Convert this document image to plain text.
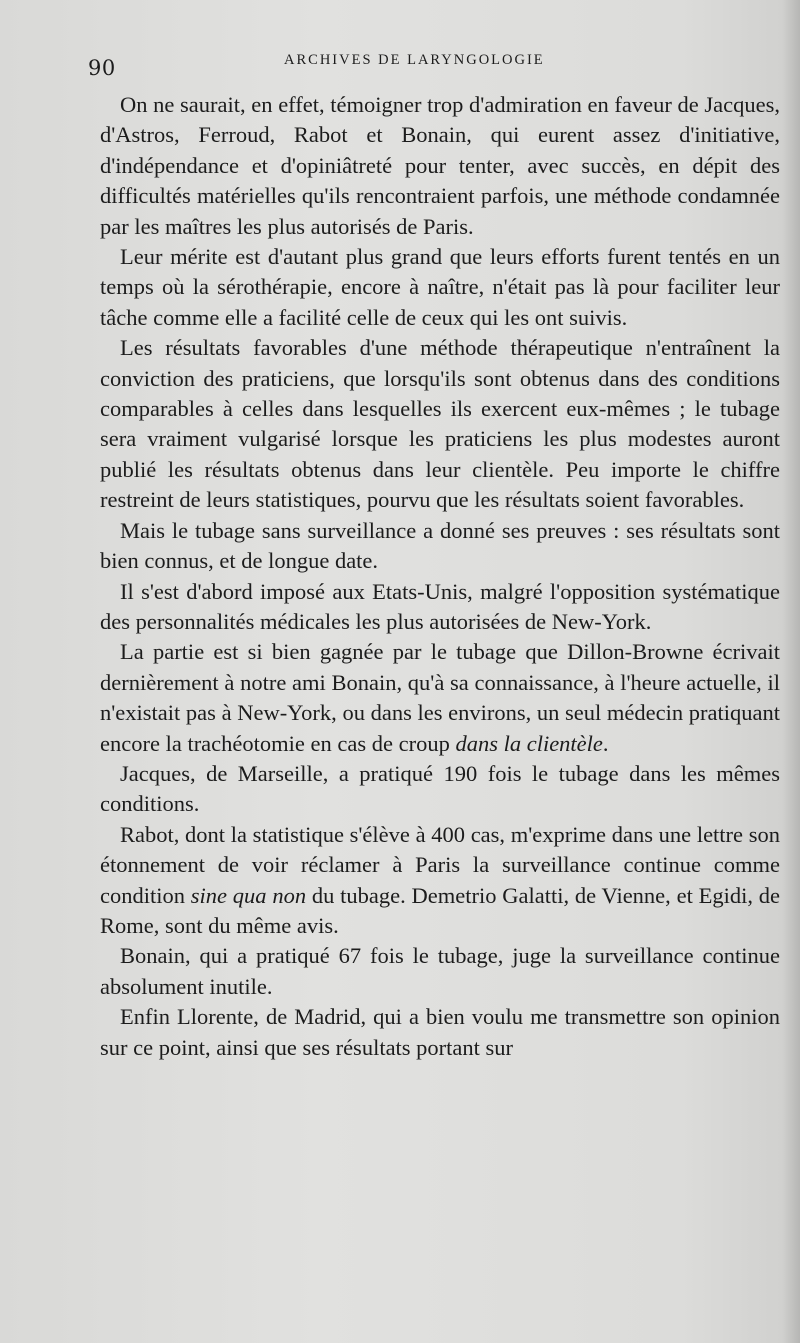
90	ARCHIVES DE LARYNGOLOGIE

On ne saurait, en effet, témoigner trop d'admiration en faveur de Jacques, d'Astros, Ferroud, Rabot et Bonain, qui eurent assez d'initiative, d'indépendance et d'opiniâtreté pour tenter, avec succès, en dépit des difficultés matérielles qu'ils rencontraient parfois, une méthode condamnée par les maîtres les plus autorisés de Paris.

Leur mérite est d'autant plus grand que leurs efforts furent tentés en un temps où la sérothérapie, encore à naître, n'était pas là pour faciliter leur tâche comme elle a facilité celle de ceux qui les ont suivis.

Les résultats favorables d'une méthode thérapeutique n'entraînent la conviction des praticiens, que lorsqu'ils sont obtenus dans des conditions comparables à celles dans lesquelles ils exercent eux-mêmes ; le tubage sera vraiment vulgarisé lorsque les praticiens les plus modestes auront publié les résultats obtenus dans leur clientèle. Peu importe le chiffre restreint de leurs statistiques, pourvu que les résultats soient favorables.

Mais le tubage sans surveillance a donné ses preuves : ses résultats sont bien connus, et de longue date.

Il s'est d'abord imposé aux Etats-Unis, malgré l'opposition systématique des personnalités médicales les plus autorisées de New-York.

La partie est si bien gagnée par le tubage que Dillon-Browne écrivait dernièrement à notre ami Bonain, qu'à sa connaissance, à l'heure actuelle, il n'existait pas à New-York, ou dans les environs, un seul médecin pratiquant encore la trachéotomie en cas de croup dans la clientèle.

Jacques, de Marseille, a pratiqué 190 fois le tubage dans les mêmes conditions.

Rabot, dont la statistique s'élève à 400 cas, m'exprime dans une lettre son étonnement de voir réclamer à Paris la surveillance continue comme condition sine qua non du tubage. Demetrio Galatti, de Vienne, et Egidi, de Rome, sont du même avis.

Bonain, qui a pratiqué 67 fois le tubage, juge la surveillance continue absolument inutile.

Enfin Llorente, de Madrid, qui a bien voulu me transmettre son opinion sur ce point, ainsi que ses résultats portant sur
